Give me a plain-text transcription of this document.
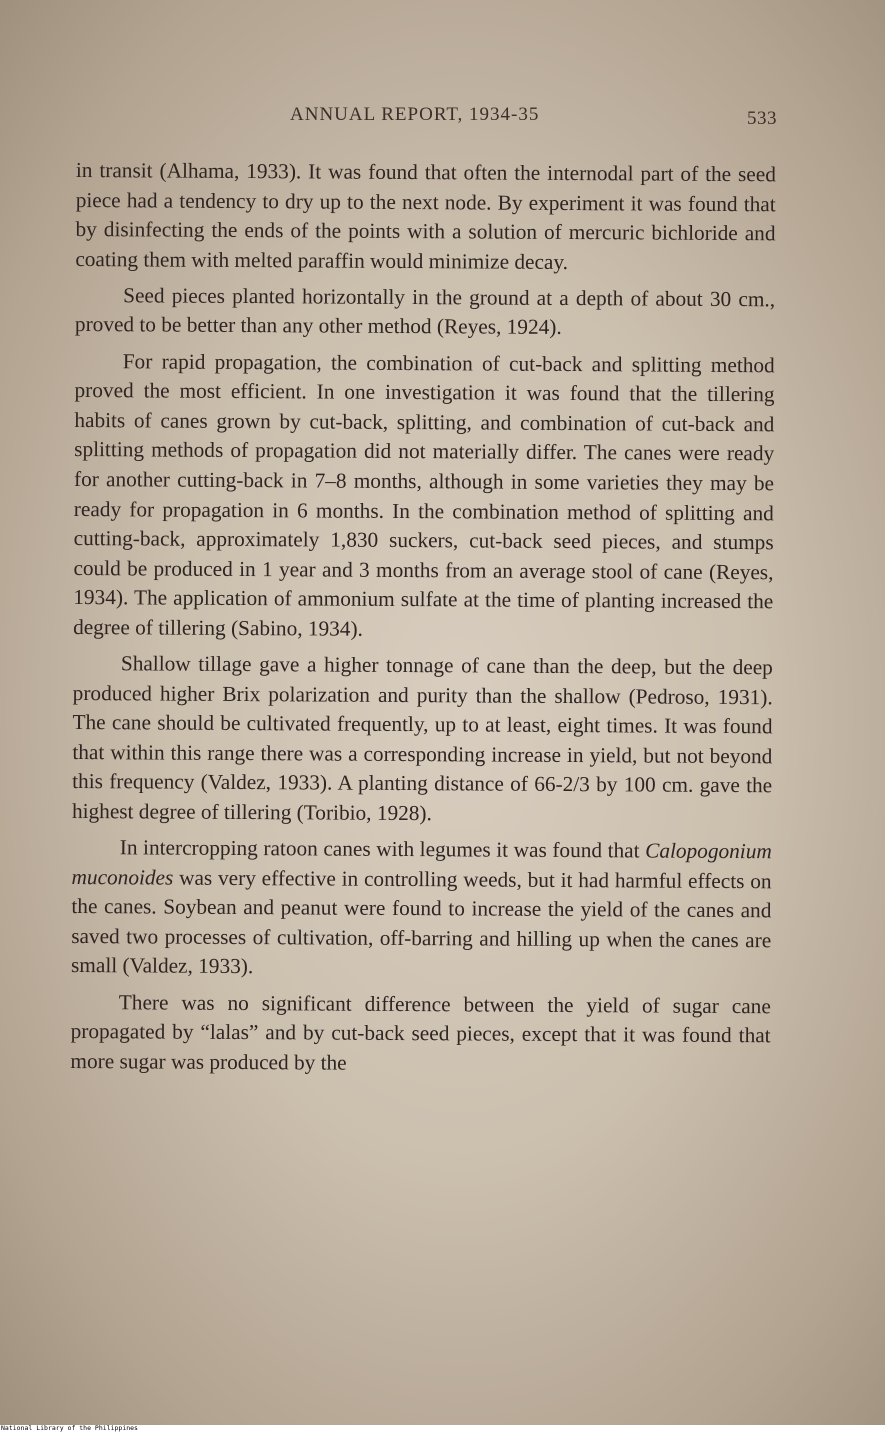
ANNUAL REPORT, 1934-35	533

in transit (Alhama, 1933). It was found that often the internodal part of the seed piece had a tendency to dry up to the next node. By experiment it was found that by disinfecting the ends of the points with a solution of mercuric bichloride and coating them with melted paraffin would minimize decay.

Seed pieces planted horizontally in the ground at a depth of about 30 cm., proved to be better than any other method (Reyes, 1924).

For rapid propagation, the combination of cut-back and splitting method proved the most efficient. In one investigation it was found that the tillering habits of canes grown by cut-back, splitting, and combination of cut-back and splitting methods of propagation did not materially differ. The canes were ready for another cutting-back in 7–8 months, although in some varieties they may be ready for propagation in 6 months. In the combination method of splitting and cutting-back, approximately 1,830 suckers, cut-back seed pieces, and stumps could be produced in 1 year and 3 months from an average stool of cane (Reyes, 1934). The application of ammonium sulfate at the time of planting increased the degree of tillering (Sabino, 1934).

Shallow tillage gave a higher tonnage of cane than the deep, but the deep produced higher Brix polarization and purity than the shallow (Pedroso, 1931). The cane should be cultivated frequently, up to at least, eight times. It was found that within this range there was a corresponding increase in yield, but not beyond this frequency (Valdez, 1933). A planting distance of 66-2/3 by 100 cm. gave the highest degree of tillering (Toribio, 1928).

In intercropping ratoon canes with legumes it was found that Calopogonium muconoides was very effective in controlling weeds, but it had harmful effects on the canes. Soybean and peanut were found to increase the yield of the canes and saved two processes of cultivation, off-barring and hilling up when the canes are small (Valdez, 1933).

There was no significant difference between the yield of sugar cane propagated by “lalas” and by cut-back seed pieces, except that it was found that more sugar was produced by the

National Library of the Philippines
